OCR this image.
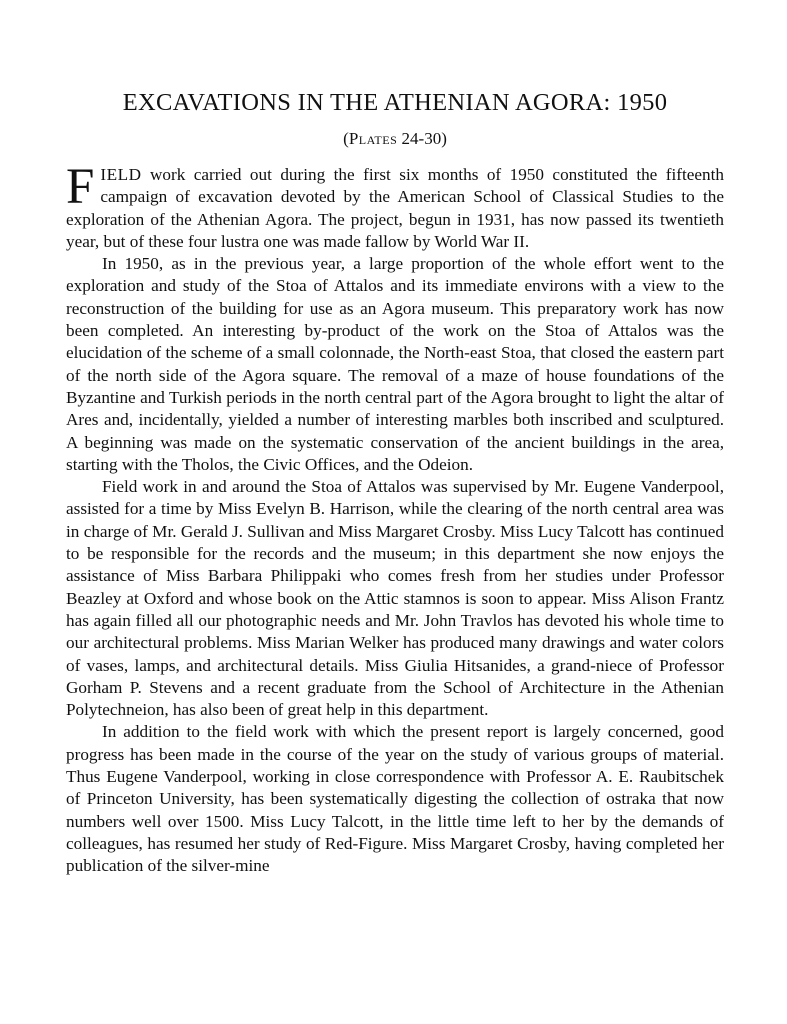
EXCAVATIONS IN THE ATHENIAN AGORA: 1950
(Plates 24-30)

FIELD work carried out during the first six months of 1950 constituted the fifteenth campaign of excavation devoted by the American School of Classical Studies to the exploration of the Athenian Agora. The project, begun in 1931, has now passed its twentieth year, but of these four lustra one was made fallow by World War II.

In 1950, as in the previous year, a large proportion of the whole effort went to the exploration and study of the Stoa of Attalos and its immediate environs with a view to the reconstruction of the building for use as an Agora museum. This preparatory work has now been completed. An interesting by-product of the work on the Stoa of Attalos was the elucidation of the scheme of a small colonnade, the North-east Stoa, that closed the eastern part of the north side of the Agora square. The removal of a maze of house foundations of the Byzantine and Turkish periods in the north central part of the Agora brought to light the altar of Ares and, incidentally, yielded a number of interesting marbles both inscribed and sculptured. A beginning was made on the systematic conservation of the ancient buildings in the area, starting with the Tholos, the Civic Offices, and the Odeion.

Field work in and around the Stoa of Attalos was supervised by Mr. Eugene Vanderpool, assisted for a time by Miss Evelyn B. Harrison, while the clearing of the north central area was in charge of Mr. Gerald J. Sullivan and Miss Margaret Crosby. Miss Lucy Talcott has continued to be responsible for the records and the museum; in this department she now enjoys the assistance of Miss Barbara Philippaki who comes fresh from her studies under Professor Beazley at Oxford and whose book on the Attic stamnos is soon to appear. Miss Alison Frantz has again filled all our photographic needs and Mr. John Travlos has devoted his whole time to our architectural problems. Miss Marian Welker has produced many drawings and water colors of vases, lamps, and architectural details. Miss Giulia Hitsanides, a grand-niece of Professor Gorham P. Stevens and a recent graduate from the School of Architecture in the Athenian Polytechneion, has also been of great help in this department.

In addition to the field work with which the present report is largely concerned, good progress has been made in the course of the year on the study of various groups of material. Thus Eugene Vanderpool, working in close correspondence with Professor A. E. Raubitschek of Princeton University, has been systematically digesting the collection of ostraka that now numbers well over 1500. Miss Lucy Talcott, in the little time left to her by the demands of colleagues, has resumed her study of Red-Figure. Miss Margaret Crosby, having completed her publication of the silver-mine
